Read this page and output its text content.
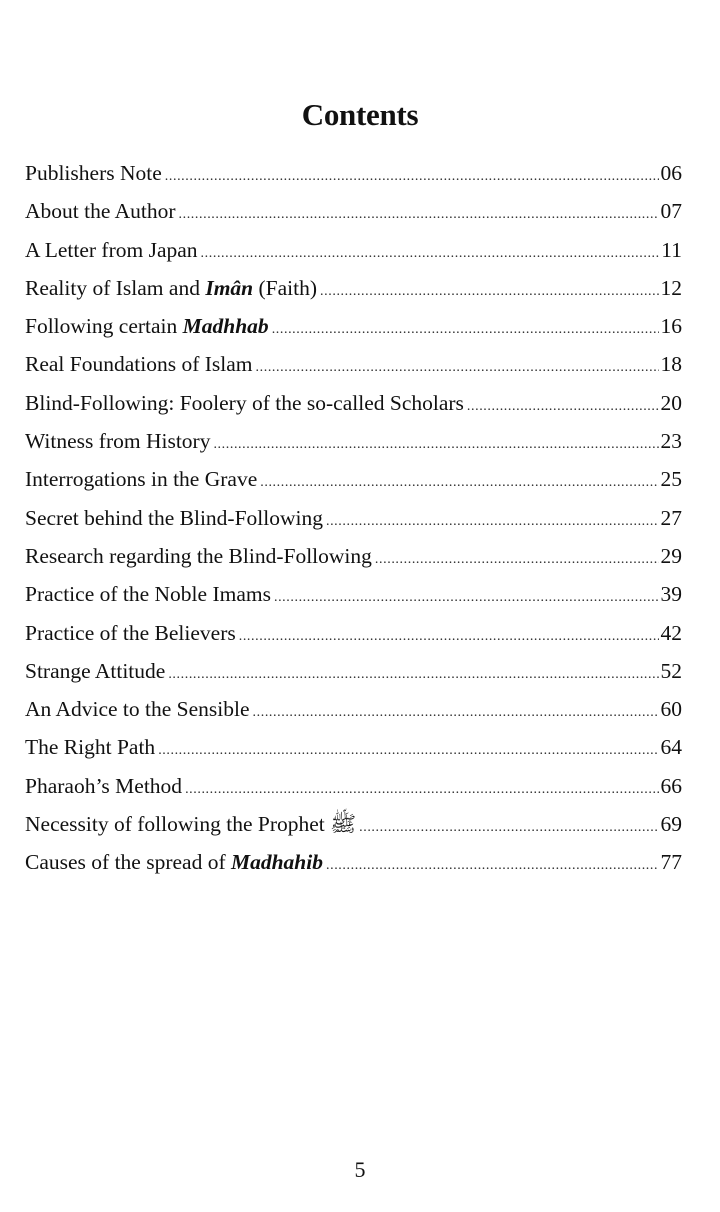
Contents
Publishers Note .....	06
About the Author .....	07
A Letter from Japan .....	11
Reality of Islam and Imân (Faith) .....	12
Following certain Madhhab .....	16
Real Foundations of Islam .....	18
Blind-Following: Foolery of the so-called Scholars .....	20
Witness from History .....	23
Interrogations in the Grave .....	25
Secret behind the Blind-Following .....	27
Research regarding the Blind-Following .....	29
Practice of the Noble Imams .....	39
Practice of the Believers .....	42
Strange Attitude .....	52
An Advice to the Sensible .....	60
The Right Path .....	64
Pharaoh’s Method .....	66
Necessity of following the Prophet ﷺ .....	69
Causes of the spread of Madhahib .....	77
5
